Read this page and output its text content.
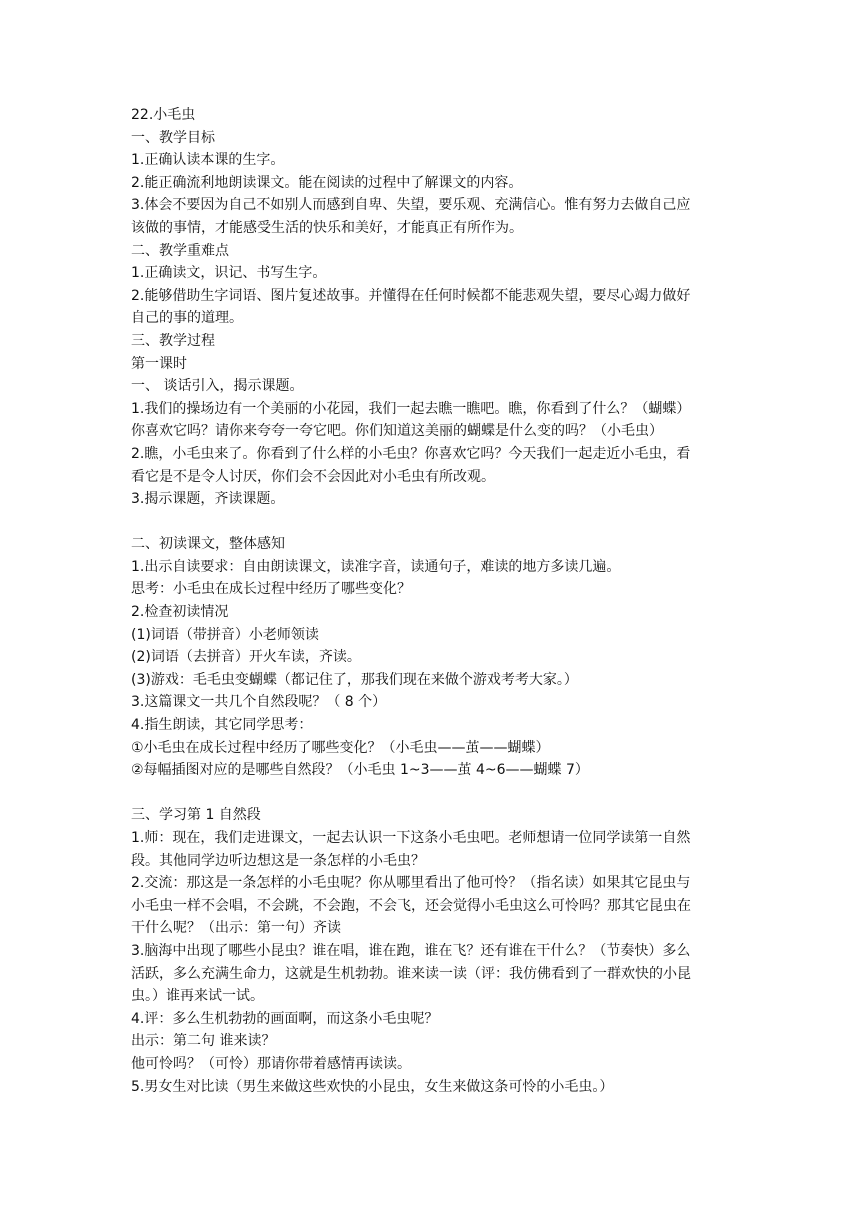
22.小毛虫

一、教学目标

1.正确认读本课的生字。

2.能正确流利地朗读课文。能在阅读的过程中了解课文的内容。

3.体会不要因为自己不如别人而感到自卑、失望，要乐观、充满信心。惟有努力去做自己应

该做的事情，才能感受生活的快乐和美好，才能真正有所作为。

二、教学重难点

1.正确读文，识记、书写生字。

2.能够借助生字词语、图片复述故事。并懂得在任何时候都不能悲观失望，要尽心竭力做好

自己的事的道理。

三、教学过程

第一课时

一、 谈话引入，揭示课题。

1.我们的操场边有一个美丽的小花园，我们一起去瞧一瞧吧。瞧，你看到了什么？（蝴蝶）

你喜欢它吗？请你来夸夸一夸它吧。你们知道这美丽的蝴蝶是什么变的吗？（小毛虫）

2.瞧，小毛虫来了。你看到了什么样的小毛虫？你喜欢它吗？今天我们一起走近小毛虫，看

看它是不是令人讨厌，你们会不会因此对小毛虫有所改观。

3.揭示课题，齐读课题。

二、初读课文，整体感知

1.出示自读要求：自由朗读课文，读准字音，读通句子，难读的地方多读几遍。

思考：小毛虫在成长过程中经历了哪些变化？

2.检查初读情况

(1)词语（带拼音）小老师领读

(2)词语（去拼音）开火车读，齐读。

(3)游戏：毛毛虫变蝴蝶（都记住了，那我们现在来做个游戏考考大家。）

3.这篇课文一共几个自然段呢？（ 8 个）

4.指生朗读，其它同学思考：

①小毛虫在成长过程中经历了哪些变化？（小毛虫——茧——蝴蝶）

②每幅插图对应的是哪些自然段？（小毛虫 1~3——茧 4~6——蝴蝶 7）

三、学习第 1 自然段

1.师：现在，我们走进课文，一起去认识一下这条小毛虫吧。老师想请一位同学读第一自然

段。其他同学边听边想这是一条怎样的小毛虫？

2.交流：那这是一条怎样的小毛虫呢？你从哪里看出了他可怜？（指名读）如果其它昆虫与

小毛虫一样不会唱，不会跳，不会跑，不会飞，还会觉得小毛虫这么可怜吗？那其它昆虫在

干什么呢？（出示：第一句）齐读

3.脑海中出现了哪些小昆虫？谁在唱，谁在跑，谁在飞？还有谁在干什么？（节奏快）多么

活跃，多么充满生命力，这就是生机勃勃。谁来读一读（评：我仿佛看到了一群欢快的小昆

虫。）谁再来试一试。

4.评：多么生机勃勃的画面啊，而这条小毛虫呢？

出示：第二句 谁来读？

他可怜吗？（可怜）那请你带着感情再读读。

5.男女生对比读（男生来做这些欢快的小昆虫，女生来做这条可怜的小毛虫。）
